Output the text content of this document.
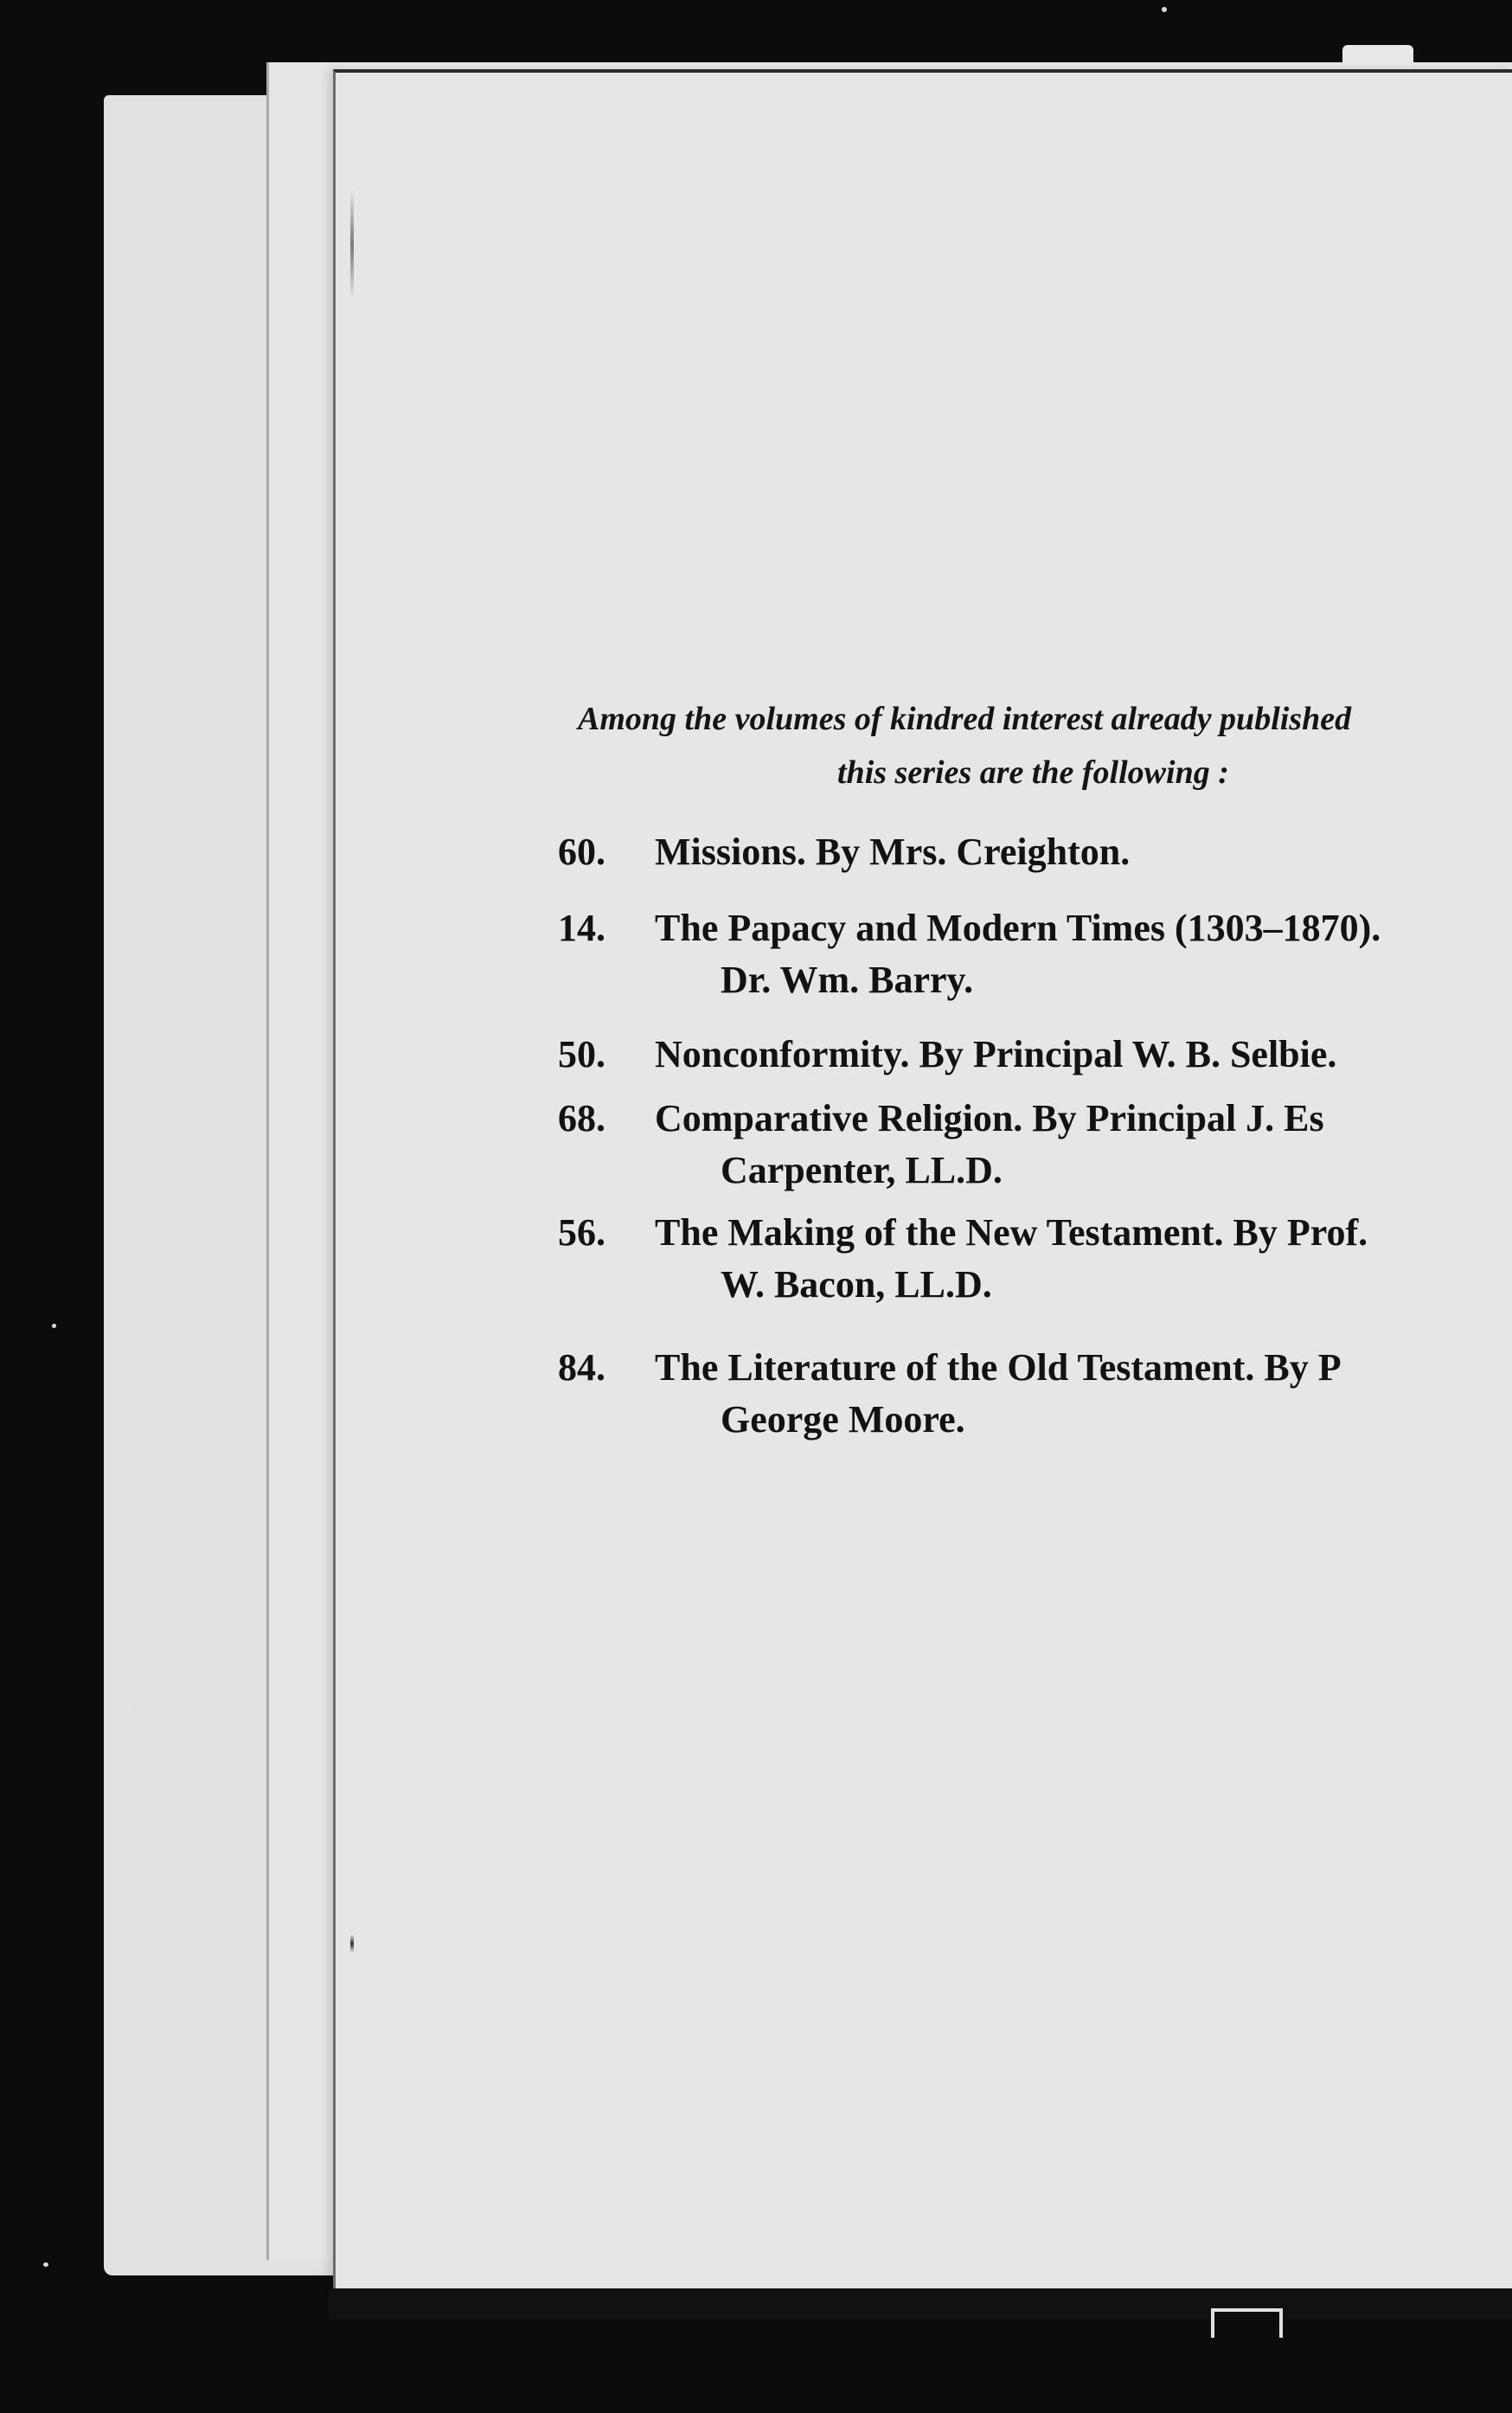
Among the volumes of kindred interest already published
this series are the following :
60. Missions. By Mrs. Creighton.
14. The Papacy and Modern Times (1303–1870).
Dr. Wm. Barry.
50. Nonconformity. By Principal W. B. Selbie.
68. Comparative Religion. By Principal J. Es
Carpenter, LL.D.
56. The Making of the New Testament. By Prof.
W. Bacon, LL.D.
84. The Literature of the Old Testament. By P
George Moore.
